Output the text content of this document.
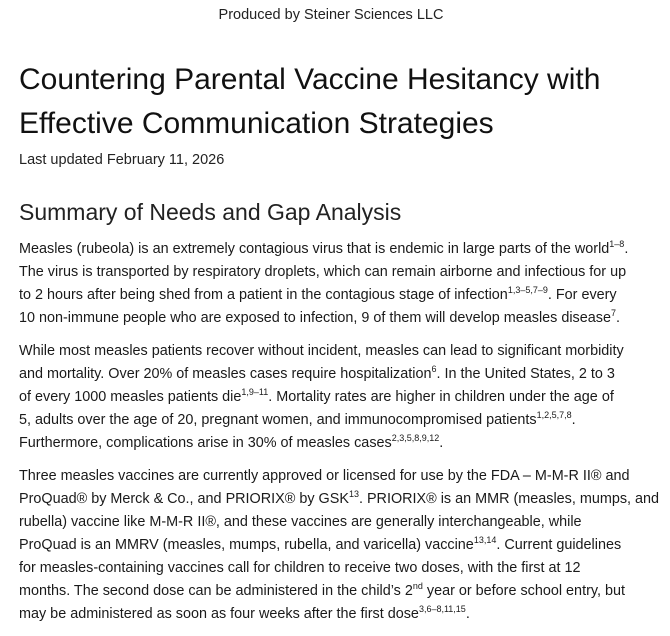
Produced by Steiner Sciences LLC
Countering Parental Vaccine Hesitancy with
Effective Communication Strategies
Last updated February 11, 2026
Summary of Needs and Gap Analysis

Measles (rubeola) is an extremely contagious virus that is endemic in large parts of the world$^{1-8}$.
The virus is transported by respiratory droplets, which can remain airborne and infectious for up
to 2 hours after being shed from a patient in the contagious stage of infection$^{1,3-5,7-9}$. For every
10 non-immune people who are exposed to infection, 9 of them will develop measles disease$^7$.

While most measles patients recover without incident, measles can lead to significant morbidity
and mortality. Over 20% of measles cases require hospitalization$^6$. In the United States, 2 to 3
of every 1000 measles patients die$^{1,9-11}$. Mortality rates are higher in children under the age of
5, adults over the age of 20, pregnant women, and immunocompromised patients$^{1,2,5,7,8}$.
Furthermore, complications arise in 30% of measles cases$^{2,3,5,8,9,12}$.

Three measles vaccines are currently approved or licensed for use by the FDA – M-M-R II® and
ProQuad® by Merck & Co., and PRIORIX® by GSK$^{13}$. PRIORIX® is an MMR (measles, mumps, and
rubella) vaccine like M-M-R II®, and these vaccines are generally interchangeable, while
ProQuad is an MMRV (measles, mumps, rubella, and varicella) vaccine$^{13,14}$. Current guidelines
for measles-containing vaccines call for children to receive two doses, with the first at 12
months. The second dose can be administered in the child’s 2nd year or before school entry, but
may be administered as soon as four weeks after the first dose$^{3,6-8,11,15}$.
